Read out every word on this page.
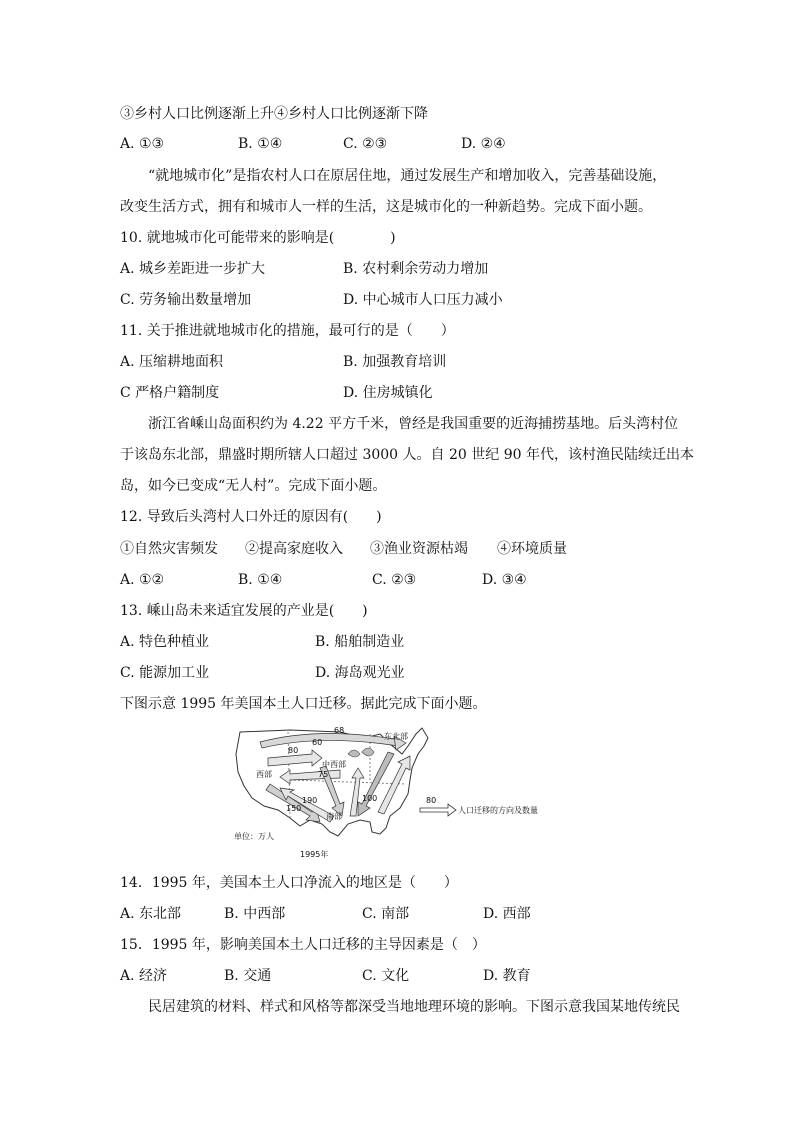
③乡村人口比例逐渐上升④乡村人口比例逐渐下降
A. ①③	B. ①④	C. ②③	D. ②④
“就地城市化”是指农村人口在原居住地，通过发展生产和增加收入，完善基础设施，
改变生活方式，拥有和城市人一样的生活，这是城市化的一种新趋势。完成下面小题。
10. 就地城市化可能带来的影响是(　　　　)
A. 城乡差距进一步扩大	B. 农村剩余劳动力增加
C. 劳务输出数量增加	D. 中心城市人口压力减小
11. 关于推进就地城市化的措施，最可行的是（　　）
A. 压缩耕地面积	B. 加强教育培训
C 严格户籍制度	D. 住房城镇化
浙江省嵊山岛面积约为 4.22 平方千米，曾经是我国重要的近海捕捞基地。后头湾村位
于该岛东北部，鼎盛时期所辖人口超过 3000 人。自 20 世纪 90 年代，该村渔民陆续迁出本
岛，如今已变成“无人村”。完成下面小题。
12. 导致后头湾村人口外迁的原因有(　　)
①自然灾害频发 ②提高家庭收入 ③渔业资源枯竭 ④环境质量
A. ①②	B. ①④	C. ②③	D. ③④
13. 嵊山岛未来适宜发展的产业是(　　)
A. 特色种植业	B. 船舶制造业
C. 能源加工业	D. 海岛观光业
下图示意 1995 年美国本土人口迁移。据此完成下面小题。
东北部
中西部
西部
南部
68
80
75
150
190
60
100	80
人口迁移的方向及数量
单位：万人
1995年
14．1995 年，美国本土人口净流入的地区是（　　）
A. 东北部	B. 中西部	C. 南部	D. 西部
15．1995 年，影响美国本土人口迁移的主导因素是（　）
A. 经济	B. 交通	C. 文化	D. 教育
民居建筑的材料、样式和风格等都深受当地地理环境的影响。下图示意我国某地传统民
